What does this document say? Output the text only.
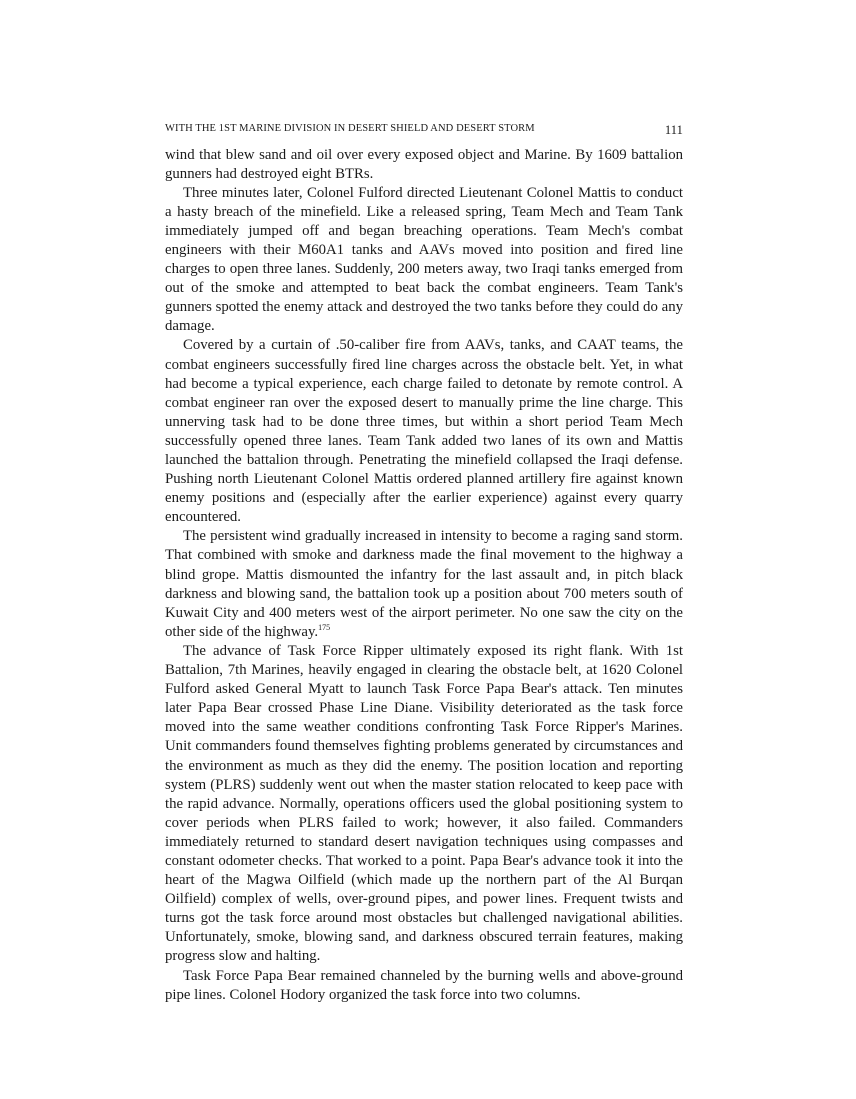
WITH THE 1ST MARINE DIVISION IN DESERT SHIELD AND DESERT STORM	111

wind that blew sand and oil over every exposed object and Marine. By 1609 battalion gunners had destroyed eight BTRs.

Three minutes later, Colonel Fulford directed Lieutenant Colonel Mattis to conduct a hasty breach of the minefield. Like a released spring, Team Mech and Team Tank immediately jumped off and began breaching operations. Team Mech's combat engineers with their M60A1 tanks and AAVs moved into position and fired line charges to open three lanes. Suddenly, 200 meters away, two Iraqi tanks emerged from out of the smoke and attempted to beat back the combat engineers. Team Tank's gunners spotted the enemy attack and destroyed the two tanks before they could do any damage.

Covered by a curtain of .50-caliber fire from AAVs, tanks, and CAAT teams, the combat engineers successfully fired line charges across the obstacle belt. Yet, in what had become a typical experience, each charge failed to detonate by remote control. A combat engineer ran over the exposed desert to manually prime the line charge. This unnerving task had to be done three times, but within a short period Team Mech successfully opened three lanes. Team Tank added two lanes of its own and Mattis launched the battalion through. Penetrating the minefield collapsed the Iraqi defense. Pushing north Lieutenant Colonel Mattis ordered planned artillery fire against known enemy positions and (especially after the earlier experience) against every quarry encountered.

The persistent wind gradually increased in intensity to become a raging sand storm. That combined with smoke and darkness made the final movement to the highway a blind grope. Mattis dismounted the infantry for the last assault and, in pitch black darkness and blowing sand, the battalion took up a position about 700 meters south of Kuwait City and 400 meters west of the airport perimeter. No one saw the city on the other side of the highway.$^{175}$

The advance of Task Force Ripper ultimately exposed its right flank. With 1st Battalion, 7th Marines, heavily engaged in clearing the obstacle belt, at 1620 Colonel Fulford asked General Myatt to launch Task Force Papa Bear's attack. Ten minutes later Papa Bear crossed Phase Line Diane. Visibility deteriorated as the task force moved into the same weather conditions confronting Task Force Ripper's Marines. Unit commanders found themselves fighting problems generated by circumstances and the environment as much as they did the enemy. The position location and reporting system (PLRS) suddenly went out when the master station relocated to keep pace with the rapid advance. Normally, operations officers used the global positioning system to cover periods when PLRS failed to work; however, it also failed. Commanders immediately returned to standard desert navigation techniques using compasses and constant odometer checks. That worked to a point. Papa Bear's advance took it into the heart of the Magwa Oilfield (which made up the northern part of the Al Burqan Oilfield) complex of wells, over-ground pipes, and power lines. Frequent twists and turns got the task force around most obstacles but challenged navigational abilities. Unfortunately, smoke, blowing sand, and darkness obscured terrain features, making progress slow and halting.

Task Force Papa Bear remained channeled by the burning wells and above-ground pipe lines. Colonel Hodory organized the task force into two columns.
